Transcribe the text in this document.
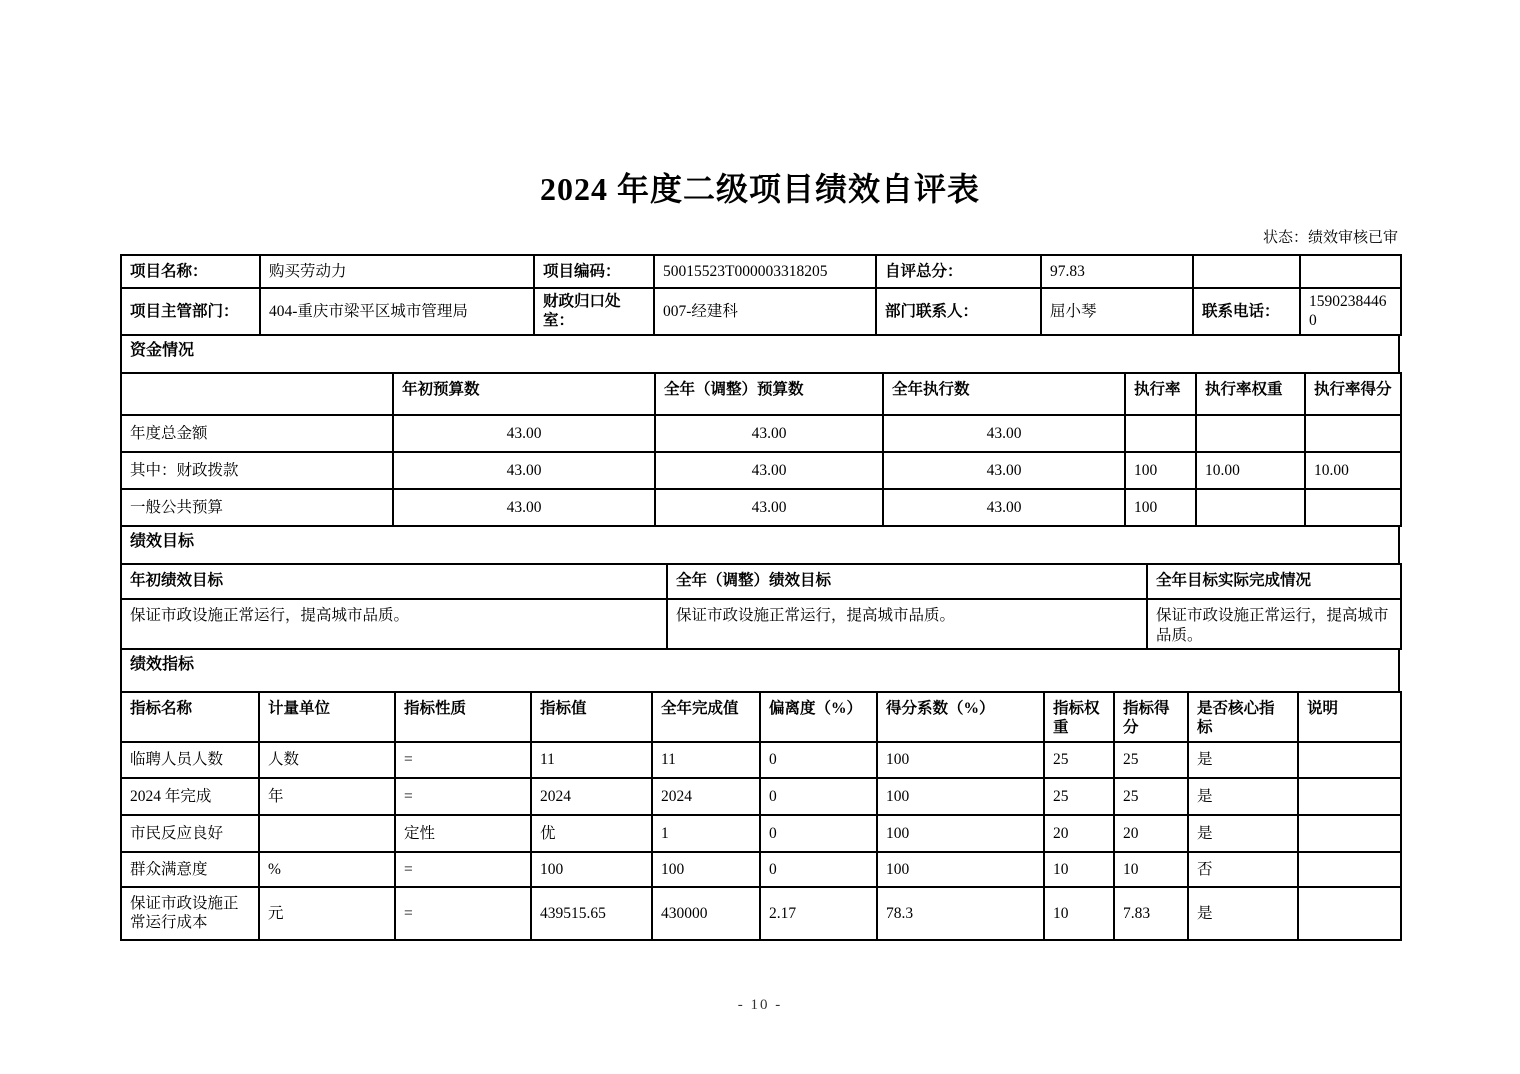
2024 年度二级项目绩效自评表
状态：绩效审核已审
项目名称：	购买劳动力	项目编码：	50015523T000003318205	自评总分：	97.83		
项目主管部门：	404-重庆市梁平区城市管理局	财政归口处室：	007-经建科	部门联系人：	屈小琴	联系电话：	15902384460
资金情况
	年初预算数	全年（调整）预算数	全年执行数	执行率	执行率权重	执行率得分
年度总金额	43.00	43.00	43.00			
其中：财政拨款	43.00	43.00	43.00	100	10.00	10.00
一般公共预算	43.00	43.00	43.00	100		
绩效目标
年初绩效目标	全年（调整）绩效目标	全年目标实际完成情况
保证市政设施正常运行，提高城市品质。	保证市政设施正常运行，提高城市品质。	保证市政设施正常运行，提高城市品质。
绩效指标
指标名称	计量单位	指标性质	指标值	全年完成值	偏离度（%）	得分系数（%）	指标权重	指标得分	是否核心指标	说明
临聘人员人数	人数	=	11	11	0	100	25	25	是	
2024 年完成	年	=	2024	2024	0	100	25	25	是	
市民反应良好		定性	优	1	0	100	20	20	是	
群众满意度	%	=	100	100	0	100	10	10	否	
保证市政设施正常运行成本	元	=	439515.65	430000	2.17	78.3	10	7.83	是	
- 10 -
